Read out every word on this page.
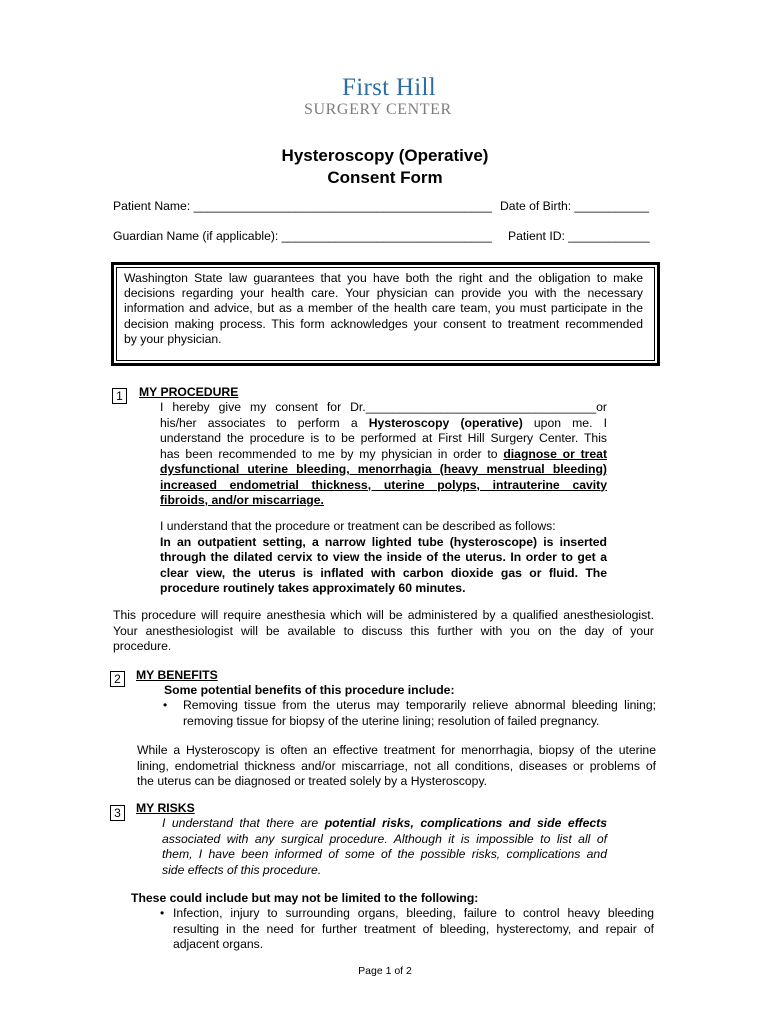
First Hill
SURGERY CENTER
Hysteroscopy (Operative)
Consent Form
Patient Name: ____________________________________________ Date of Birth: ___________
Guardian Name (if applicable): _______________________________ Patient ID: ____________
Washington State law guarantees that you have both the right and the obligation to make
decisions regarding your health care. Your physician can provide you with the necessary
information and advice, but as a member of the health care team, you must participate in the
decision making process. This form acknowledges your consent to treatment recommended
by your physician.
1	MY PROCEDURE
I hereby give my consent for Dr.__________________________________or
his/her associates to perform a Hysteroscopy (operative) upon me. I
understand the procedure is to be performed at First Hill Surgery Center. This
has been recommended to me by my physician in order to diagnose or treat
dysfunctional uterine bleeding, menorrhagia (heavy menstrual bleeding)
increased endometrial thickness, uterine polyps, intrauterine cavity
fibroids, and/or miscarriage.
I understand that the procedure or treatment can be described as follows:
In an outpatient setting, a narrow lighted tube (hysteroscope) is inserted
through the dilated cervix to view the inside of the uterus. In order to get a
clear view, the uterus is inflated with carbon dioxide gas or fluid. The
procedure routinely takes approximately 60 minutes.
This procedure will require anesthesia which will be administered by a qualified anesthesiologist.
Your anesthesiologist will be available to discuss this further with you on the day of your
procedure.
2	MY BENEFITS
Some potential benefits of this procedure include:
• Removing tissue from the uterus may temporarily relieve abnormal bleeding lining;
removing tissue for biopsy of the uterine lining; resolution of failed pregnancy.
While a Hysteroscopy is often an effective treatment for menorrhagia, biopsy of the uterine
lining, endometrial thickness and/or miscarriage, not all conditions, diseases or problems of
the uterus can be diagnosed or treated solely by a Hysteroscopy.
3	MY RISKS
I understand that there are potential risks, complications and side effects
associated with any surgical procedure. Although it is impossible to list all of
them, I have been informed of some of the possible risks, complications and
side effects of this procedure.
These could include but may not be limited to the following:
• Infection, injury to surrounding organs, bleeding, failure to control heavy bleeding
resulting in the need for further treatment of bleeding, hysterectomy, and repair of
adjacent organs.
Page 1 of 2
